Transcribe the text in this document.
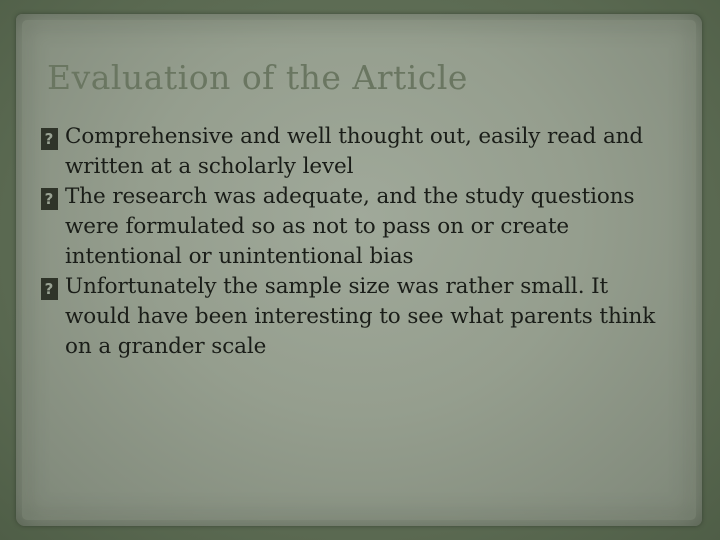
Evaluation of the Article
?
Comprehensive and well thought out, easily read and
written at a scholarly level
?
The research was adequate, and the study questions
were formulated so as not to pass on or create
intentional or unintentional bias
?
Unfortunately the sample size was rather small. It
would have been interesting to see what parents think
on a grander scale
